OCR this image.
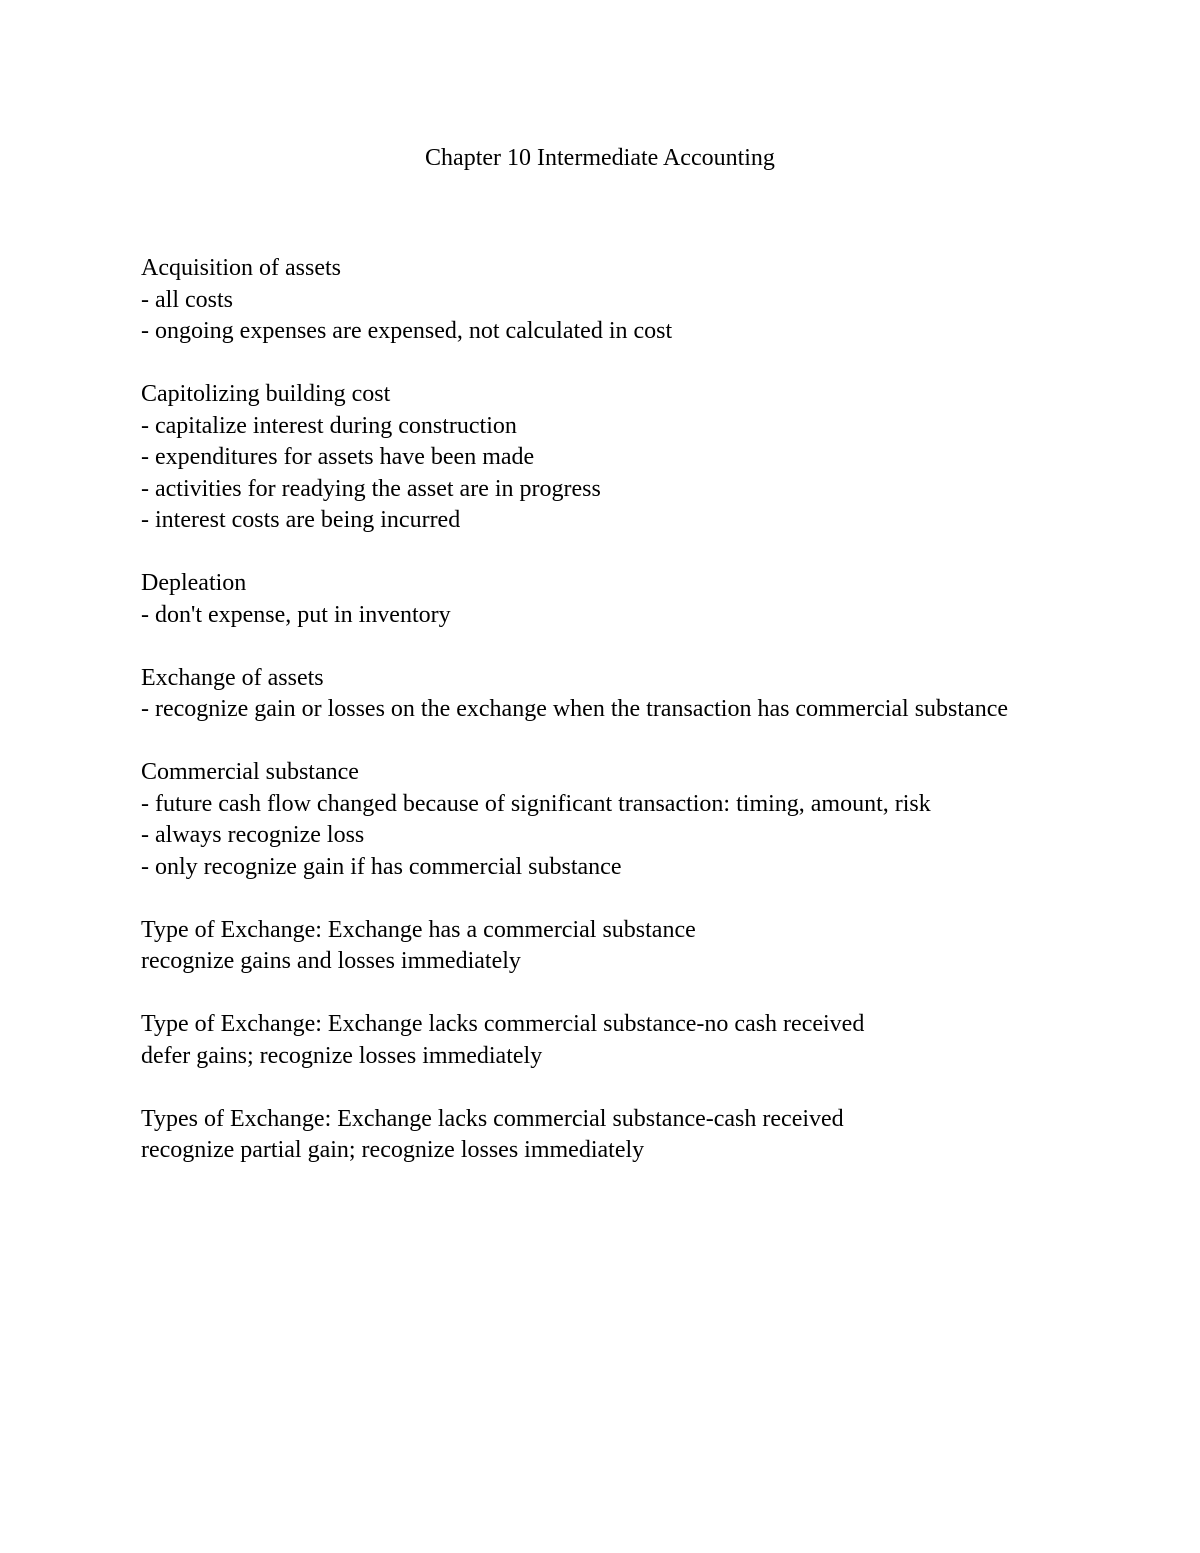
Chapter 10 Intermediate Accounting
Acquisition of assets
- all costs
- ongoing expenses are expensed, not calculated in cost
Capitolizing building cost
- capitalize interest during construction
- expenditures for assets have been made
- activities for readying the asset are in progress
- interest costs are being incurred
Depleation
- don't expense, put in inventory
Exchange of assets
- recognize gain or losses on the exchange when the transaction has commercial substance
Commercial substance
- future cash flow changed because of significant transaction: timing, amount, risk
- always recognize loss
- only recognize gain if has commercial substance
Type of Exchange: Exchange has a commercial substance
recognize gains and losses immediately
Type of Exchange: Exchange lacks commercial substance-no cash received
defer gains; recognize losses immediately
Types of Exchange: Exchange lacks commercial substance-cash received
recognize partial gain; recognize losses immediately
